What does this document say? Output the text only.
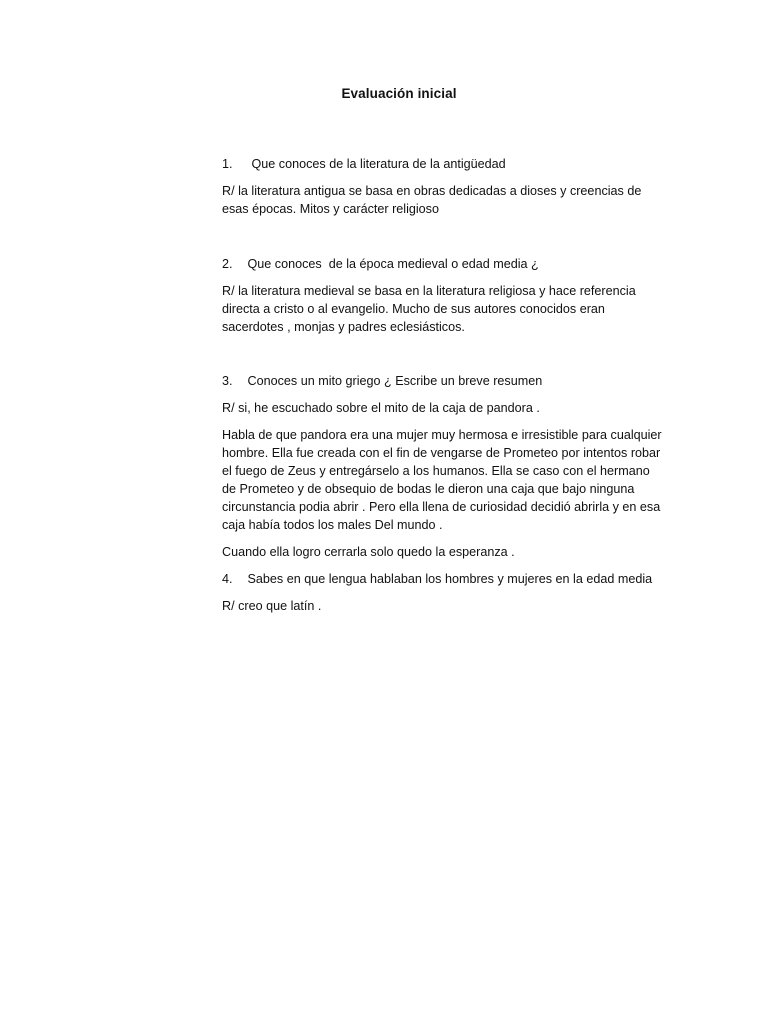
Evaluación inicial
1. Que conoces de la literatura de la antigüedad
R/ la literatura antigua se basa en obras dedicadas a dioses y creencias de esas épocas. Mitos y carácter religioso
2. Que conoces  de la época medieval o edad media ¿
R/ la literatura medieval se basa en la literatura religiosa y hace referencia directa a cristo o al evangelio. Mucho de sus autores conocidos eran sacerdotes , monjas y padres eclesiásticos.
3. Conoces un mito griego ¿ Escribe un breve resumen
R/ si, he escuchado sobre el mito de la caja de pandora .
Habla de que pandora era una mujer muy hermosa e irresistible para cualquier hombre. Ella fue creada con el fin de vengarse de Prometeo por intentos robar el fuego de Zeus y entregárselo a los humanos. Ella se caso con el hermano de Prometeo y de obsequio de bodas le dieron una caja que bajo ninguna circunstancia podia abrir . Pero ella llena de curiosidad decidió abrirla y en esa caja había todos los males Del mundo .
Cuando ella logro cerrarla solo quedo la esperanza .
4. Sabes en que lengua hablaban los hombres y mujeres en la edad media
R/ creo que latín .
